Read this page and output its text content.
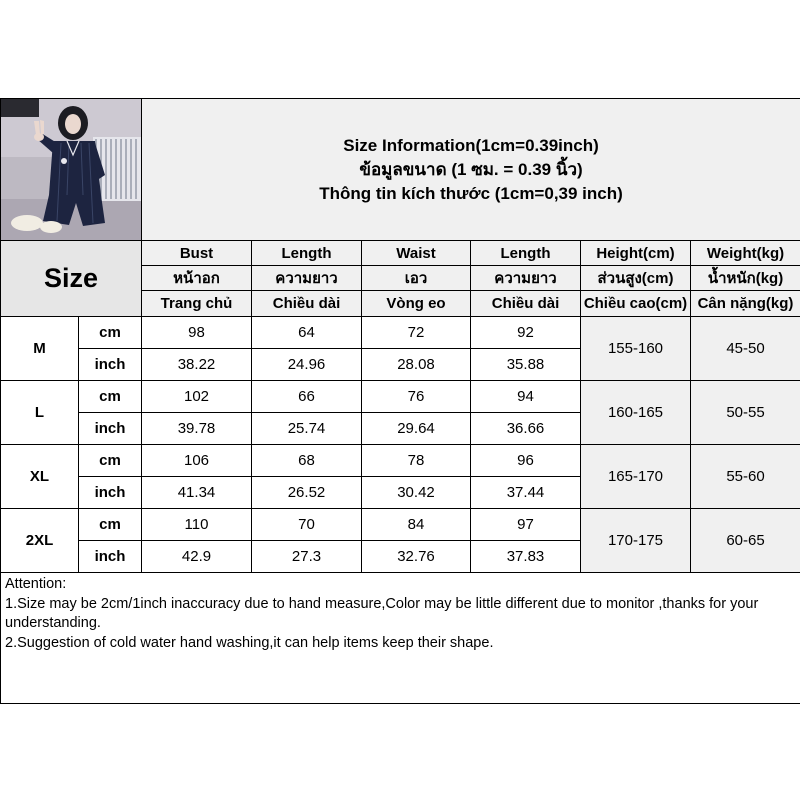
Size Information(1cm=0.39inch)
ข้อมูลขนาด (1 ซม. = 0.39 นิ้ว)
Thông tin kích thước (1cm=0,39 inch)					

Size		Bust	Length	Waist	Length	Height(cm)	Weight(kg)
		หน้าอก	ความยาว	เอว	ความยาว	ส่วนสูง(cm)	น้ำหนัก(kg)
		Trang chủ	Chiều dài	Vòng eo	Chiều dài	Chiều cao(cm)	Cân nặng(kg)
M	cm	98	64	72	92	155-160	45-50
	inch	38.22	24.96	28.08	35.88		
L	cm	102	66	76	94	160-165	50-55
	inch	39.78	25.74	29.64	36.66		
XL	cm	106	68	78	96	165-170	55-60
	inch	41.34	26.52	30.42	37.44		
2XL	cm	110	70	84	97	170-175	60-65
	inch	42.9	27.3	32.76	37.83		

Attention:
1.Size may be 2cm/1inch inaccuracy due to hand measure,Color may be little different due to monitor ,thanks for your understanding.
2.Suggestion of cold water hand washing,it can help items keep their shape.							
